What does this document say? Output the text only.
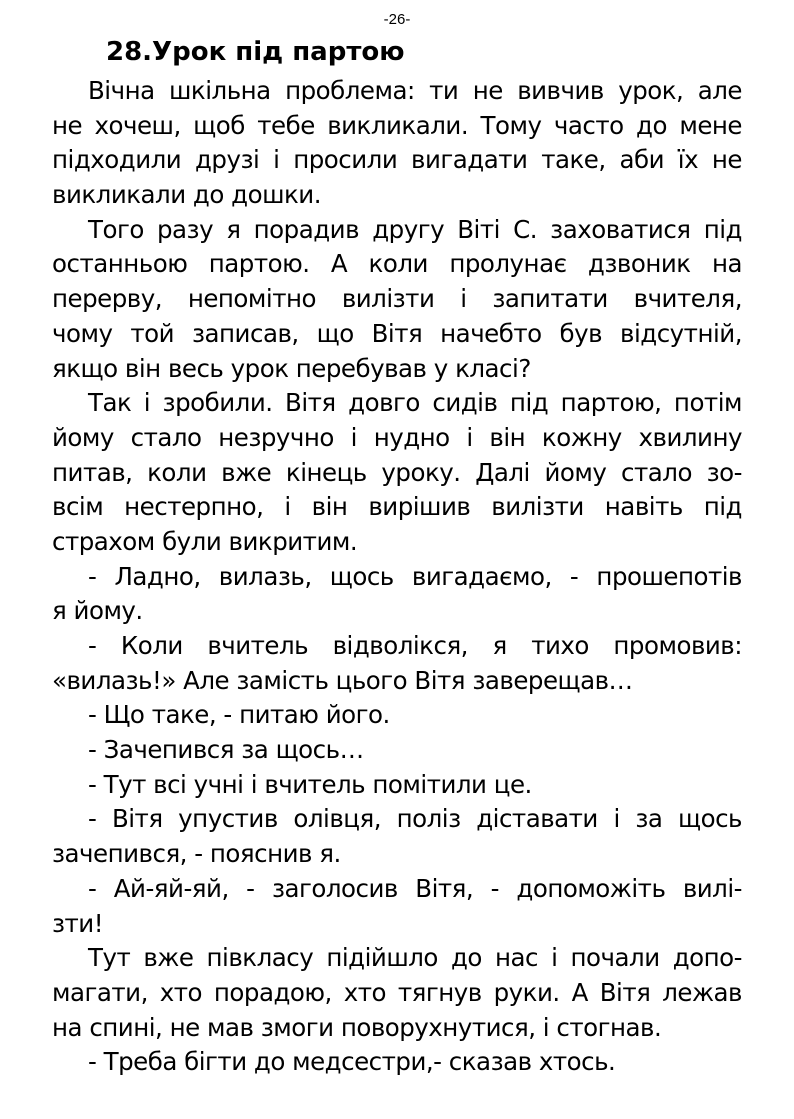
-26-
28.Урок під партою
Вічна шкільна проблема: ти не вивчив урок, але
не хочеш, щоб тебе викликали. Тому часто до мене
підходили друзі і просили вигадати таке, аби їх не
викликали до дошки.
Того разу я порадив другу Віті С. заховатися під
останньою партою. А коли пролунає дзвоник на
перерву, непомітно вилізти і запитати вчителя,
чому той записав, що Вітя начебто був відсутній,
якщо він весь урок перебував у класі?
Так і зробили. Вітя довго сидів під партою, потім
йому стало незручно і нудно і він кожну хвилину
питав, коли вже кінець уроку. Далі йому стало зо-
всім нестерпно, і він вирішив вилізти навіть під
страхом були викритим.
- Ладно, вилазь, щось вигадаємо, - прошепотів
я йому.
- Коли вчитель відволікся, я тихо промовив:
«вилазь!» Але замість цього Вітя заверещав…
- Що таке, - питаю його.
- Зачепився за щось…
- Тут всі учні і вчитель помітили це.
- Вітя упустив олівця, поліз діставати і за щось
зачепився, - пояснив я.
- Ай-яй-яй, - заголосив Вітя, - допоможіть вилі-
зти!
Тут вже півкласу підійшло до нас і почали допо-
магати, хто порадою, хто тягнув руки. А Вітя лежав
на спині, не мав змоги поворухнутися, і стогнав.
- Треба бігти до медсестри,- сказав хтось.
